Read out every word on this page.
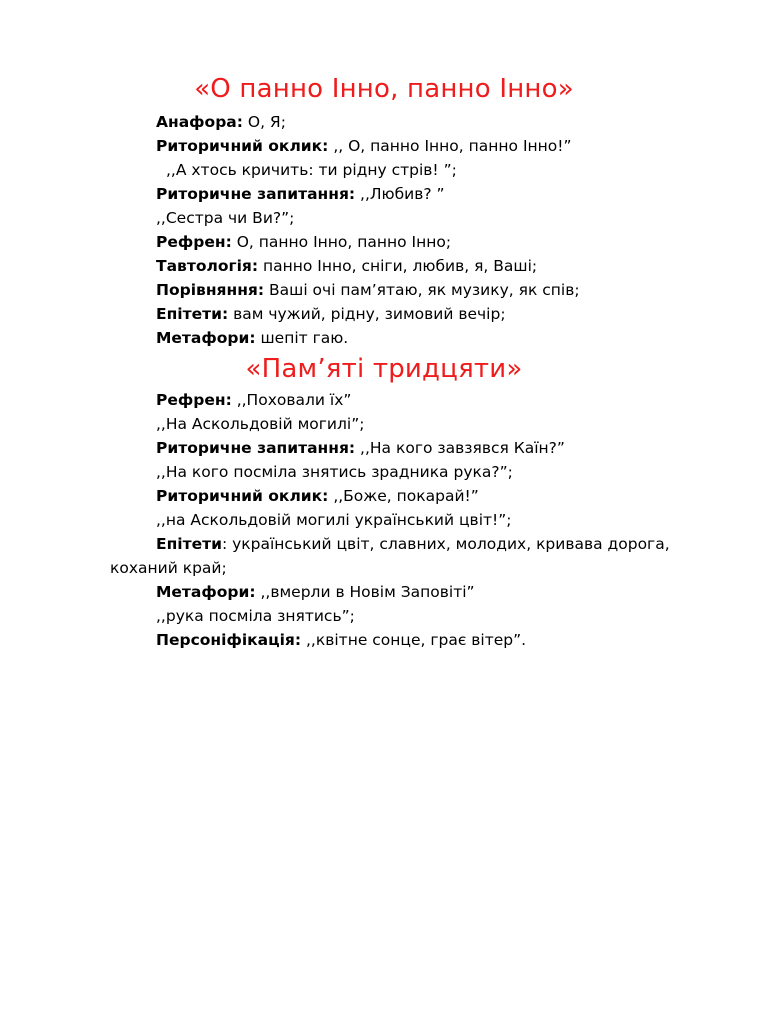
«О панно Інно, панно Інно»
Анафора: О, Я;
Риторичний оклик: ,, О, панно Інно, панно Інно!”
,,А хтось кричить: ти рідну стрів! ”;
Риторичне запитання: ,,Любив? ”
,,Сестра чи Ви?”;
Рефрен: О, панно Інно, панно Інно;
Тавтологія: панно Інно, сніги, любив, я, Ваші;
Порівняння: Ваші очі пам’ятаю, як музику, як спів;
Епітети: вам чужий, рідну, зимовий вечір;
Метафори: шепіт гаю.
«Пам’яті тридцяти»
Рефрен: ,,Поховали їх”
,,На Аскольдовій могилі”;
Риторичне запитання: ,,На кого завзявся Каїн?”
,,На кого посміла знятись зрадника рука?”;
Риторичний оклик: ,,Боже, покарай!”
,,на Аскольдовій могилі український цвіт!”;
Епітети: український цвіт, славних, молодих, кривава дорога,
коханий край;
Метафори: ,,вмерли в Новім Заповіті”
,,рука посміла знятись”;
Персоніфікація: ,,квітне сонце, грає вітер”.
